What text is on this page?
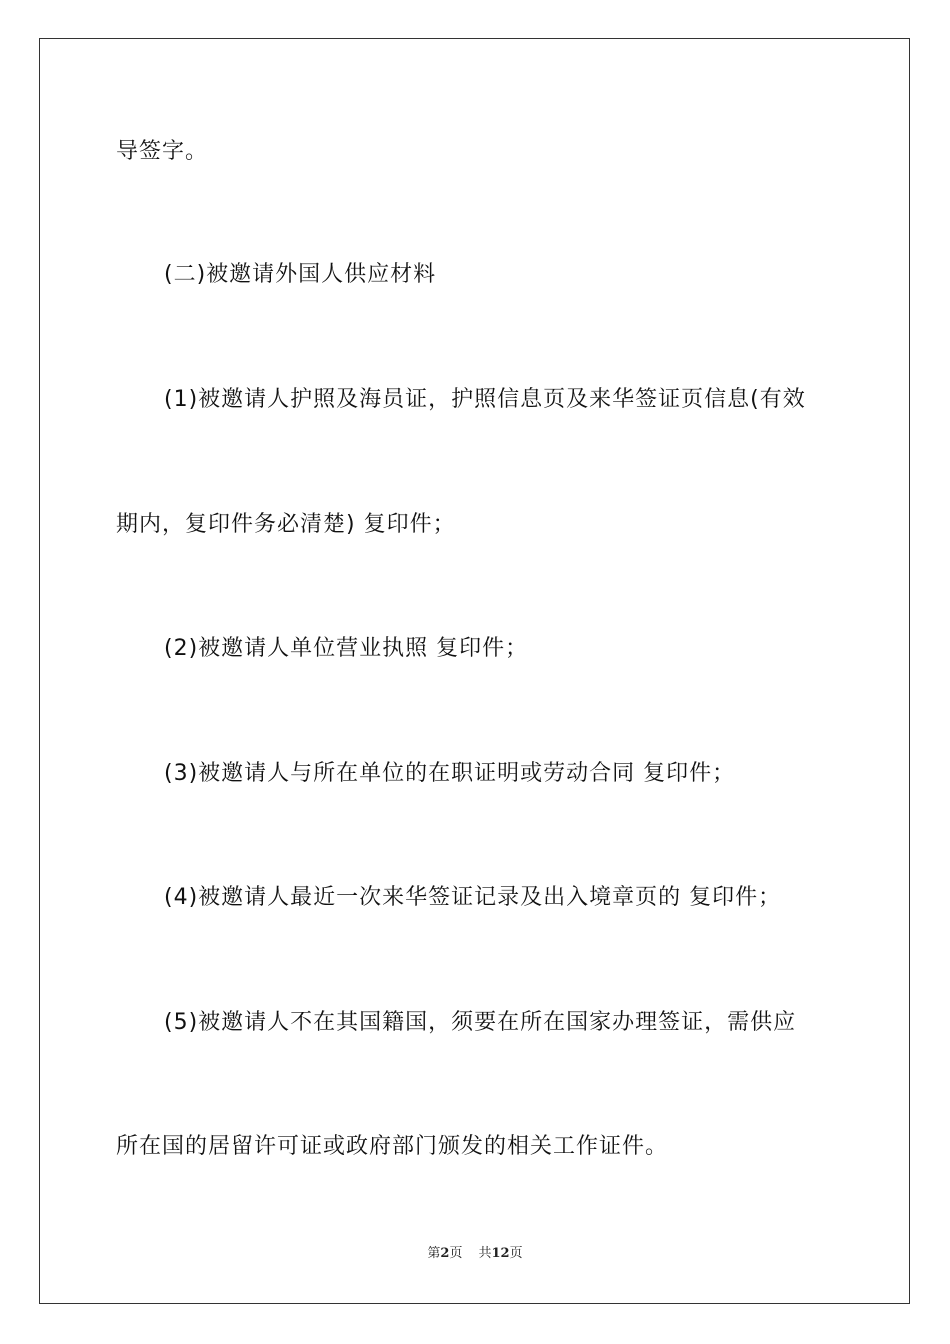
导签字。
(二)被邀请外国人供应材料
(1)被邀请人护照及海员证，护照信息页及来华签证页信息(有效
期内，复印件务必清楚) 复印件；
(2)被邀请人单位营业执照 复印件；
(3)被邀请人与所在单位的在职证明或劳动合同 复印件；
(4)被邀请人最近一次来华签证记录及出入境章页的 复印件；
(5)被邀请人不在其国籍国，须要在所在国家办理签证，需供应
所在国的居留许可证或政府部门颁发的相关工作证件。
第2页 共12页
